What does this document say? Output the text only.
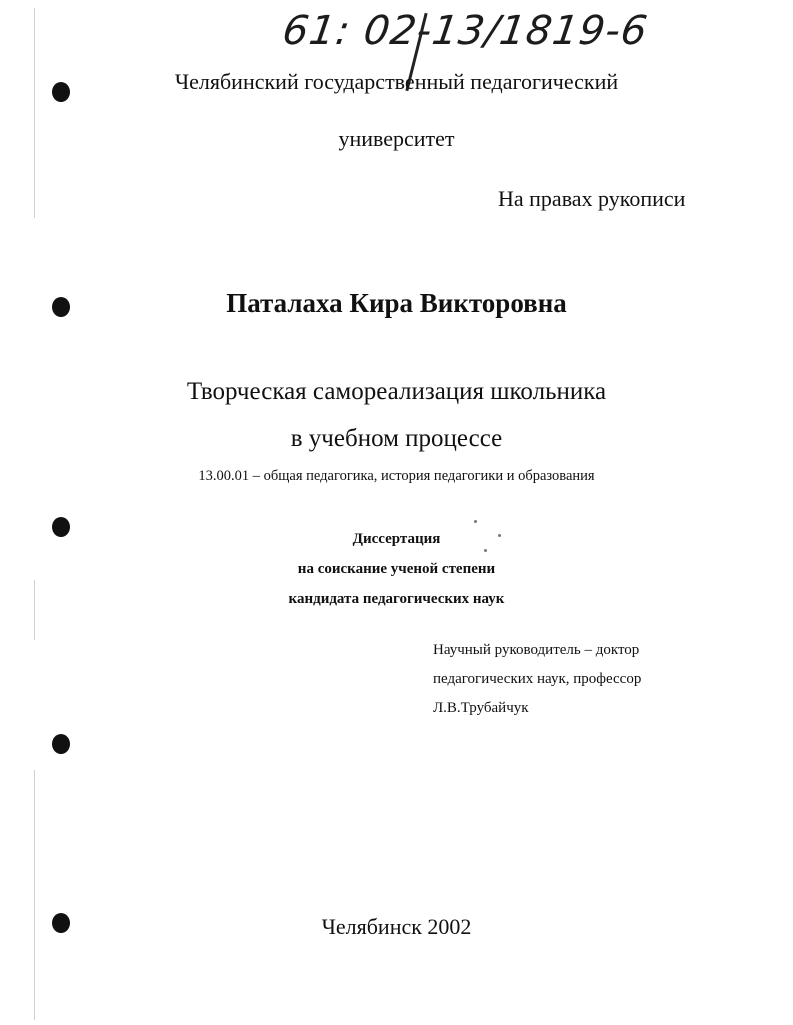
61: 02-13/1819-6
Челябинский государственный педагогический
университет
На правах рукописи
Паталаха Кира Викторовна
Творческая самореализация школьника
в учебном процессе
13.00.01 – общая педагогика, история педагогики и образования
Диссертация
на соискание ученой степени
кандидата педагогических наук
Научный руководитель – доктор
педагогических наук, профессор
Л.В.Трубайчук
Челябинск 2002
